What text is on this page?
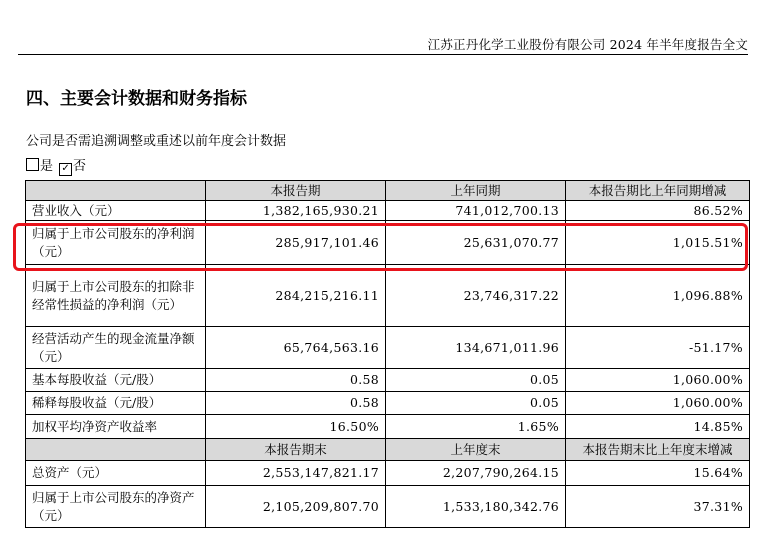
江苏正丹化学工业股份有限公司 2024 年半年度报告全文
四、主要会计数据和财务指标
公司是否需追溯调整或重述以前年度会计数据
是 ✓ 否
	本报告期	上年同期	本报告期比上年同期增减
营业收入（元）	1,382,165,930.21	741,012,700.13	86.52%
归属于上市公司股东的净利润（元）	285,917,101.46	25,631,070.77	1,015.51%
归属于上市公司股东的扣除非经常性损益的净利润（元）	284,215,216.11	23,746,317.22	1,096.88%
经营活动产生的现金流量净额（元）	65,764,563.16	134,671,011.96	-51.17%
基本每股收益（元/股）	0.58	0.05	1,060.00%
稀释每股收益（元/股）	0.58	0.05	1,060.00%
加权平均净资产收益率	16.50%	1.65%	14.85%
	本报告期末	上年度末	本报告期末比上年度末增减
总资产（元）	2,553,147,821.17	2,207,790,264.15	15.64%
归属于上市公司股东的净资产（元）	2,105,209,807.70	1,533,180,342.76	37.31%
